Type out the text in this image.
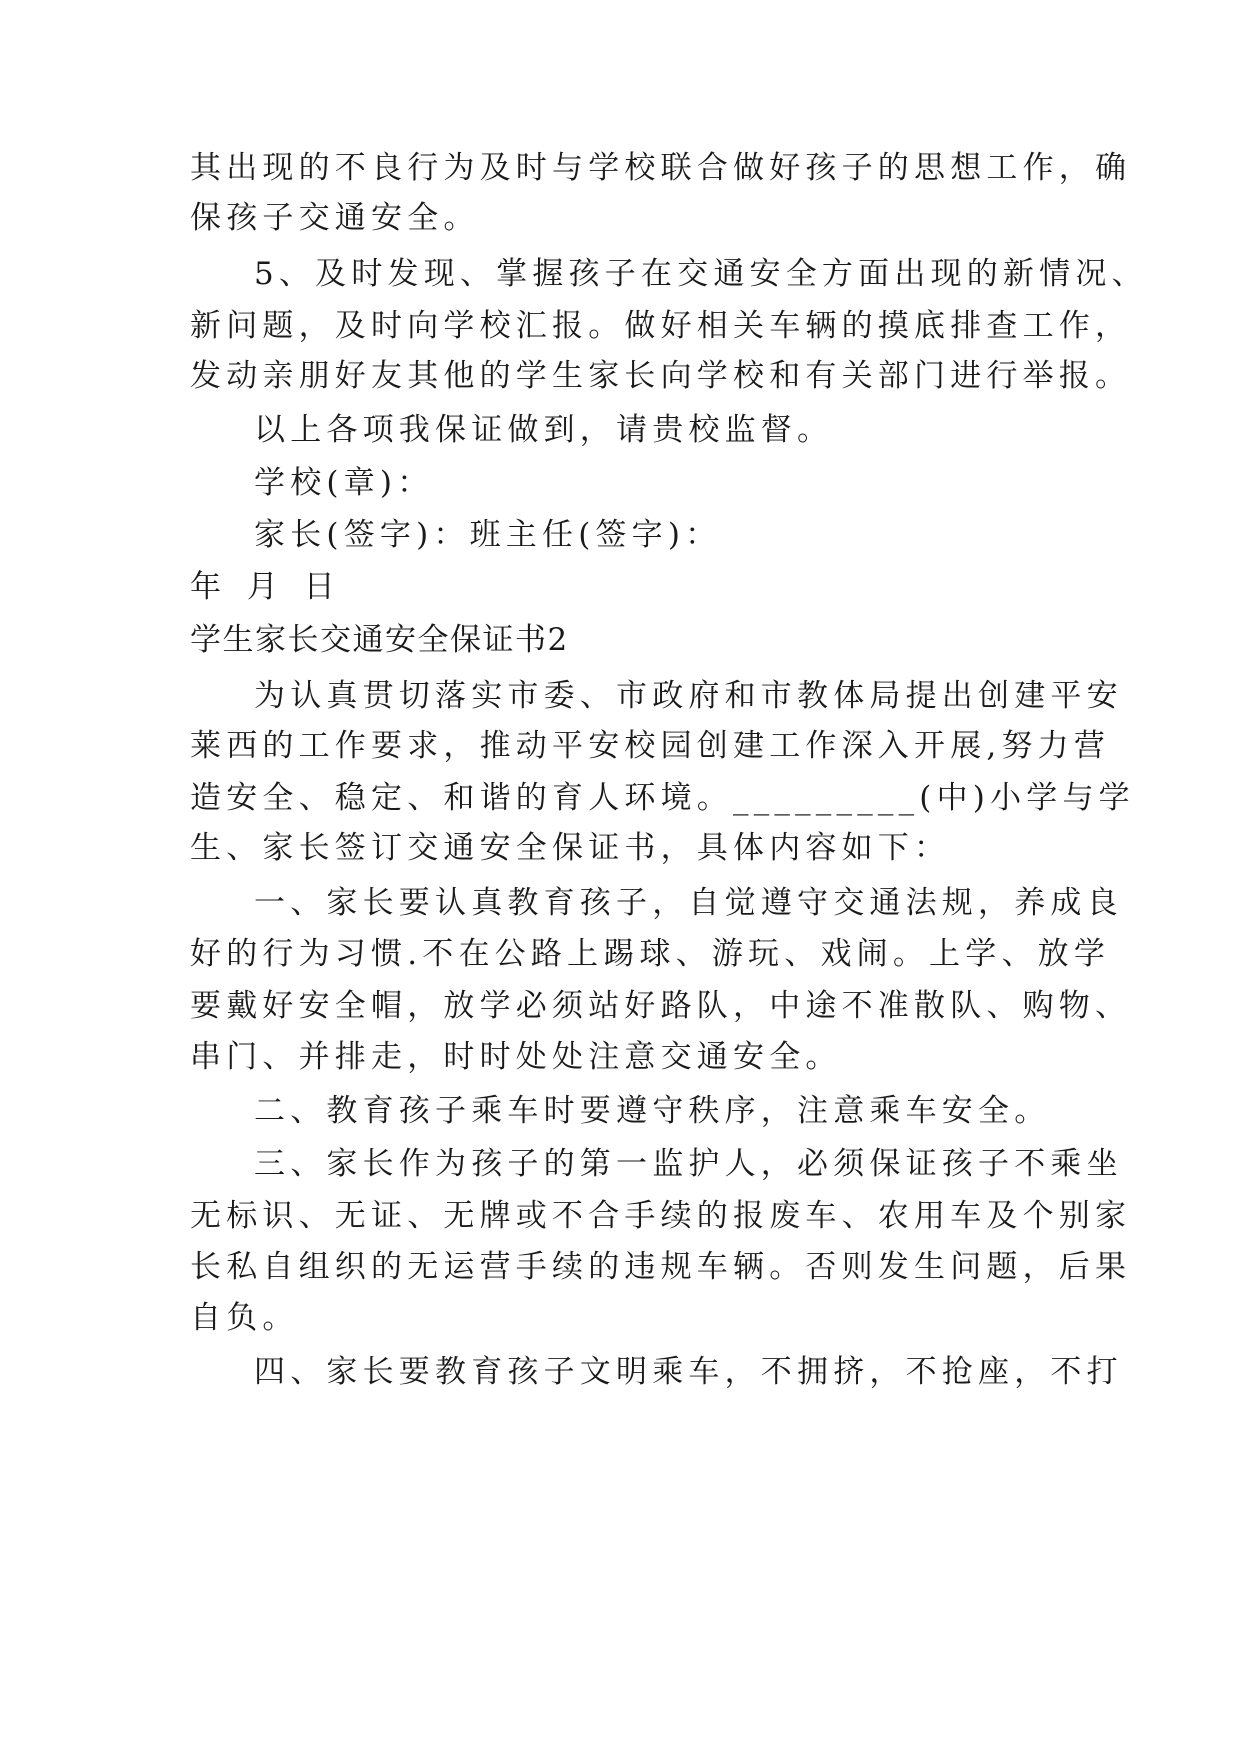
其出现的不良行为及时与学校联合做好孩子的思想工作，确
保孩子交通安全。
5、及时发现、掌握孩子在交通安全方面出现的新情况、
新问题，及时向学校汇报。做好相关车辆的摸底排查工作，
发动亲朋好友其他的学生家长向学校和有关部门进行举报。
以上各项我保证做到，请贵校监督。
学校(章)：
家长(签字)：班主任(签字)：
年 月 日
学生家长交通安全保证书2
为认真贯切落实市委、市政府和市教体局提出创建平安
莱西的工作要求，推动平安校园创建工作深入开展,努力营
造安全、稳定、和谐的育人环境。_________(中)小学与学
生、家长签订交通安全保证书，具体内容如下：
一、家长要认真教育孩子，自觉遵守交通法规，养成良
好的行为习惯.不在公路上踢球、游玩、戏闹。上学、放学
要戴好安全帽，放学必须站好路队，中途不准散队、购物、
串门、并排走，时时处处注意交通安全。
二、教育孩子乘车时要遵守秩序，注意乘车安全。
三、家长作为孩子的第一监护人，必须保证孩子不乘坐
无标识、无证、无牌或不合手续的报废车、农用车及个别家
长私自组织的无运营手续的违规车辆。否则发生问题，后果
自负。
四、家长要教育孩子文明乘车，不拥挤，不抢座，不打
